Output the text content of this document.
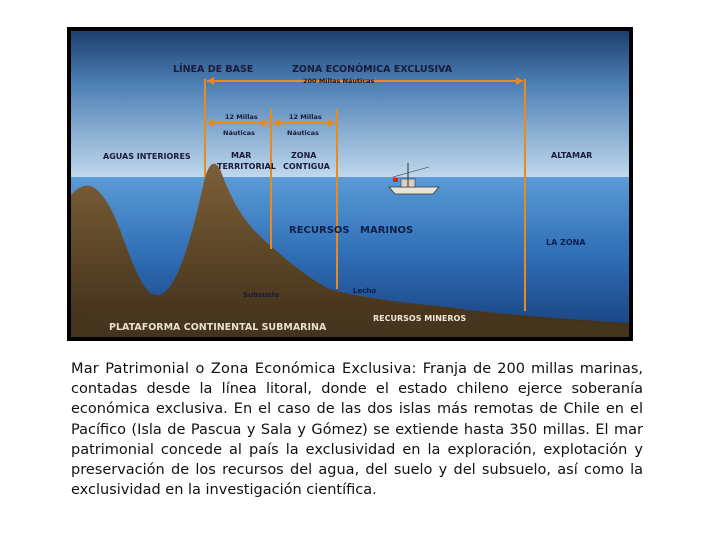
LÍNEA DE BASE	ZONA ECONÓMICA EXCLUSIVA
200 Millas Náuticas
12 Millas
Náuticas
12 Millas
Náuticas
AGUAS INTERIORES	MAR
TERRITORIAL
ZONA
CONTIGUA
ALTAMAR
RECURSOS   MARINOS
LA ZONA
Lecho
Subsuelo
RECURSOS MINEROS
PLATAFORMA CONTINENTAL SUBMARINA

Mar Patrimonial o Zona Económica Exclusiva: Franja de 200 millas marinas, contadas desde la línea litoral, donde el estado chileno ejerce soberanía económica exclusiva. En el caso de las dos islas más remotas de Chile en el Pacífico (Isla de Pascua y Sala y Gómez) se extiende hasta 350 millas. El mar patrimonial concede al país la exclusividad en la exploración, explotación y preservación de los recursos del agua, del suelo y del subsuelo, así como la exclusividad en la investigación científica.
